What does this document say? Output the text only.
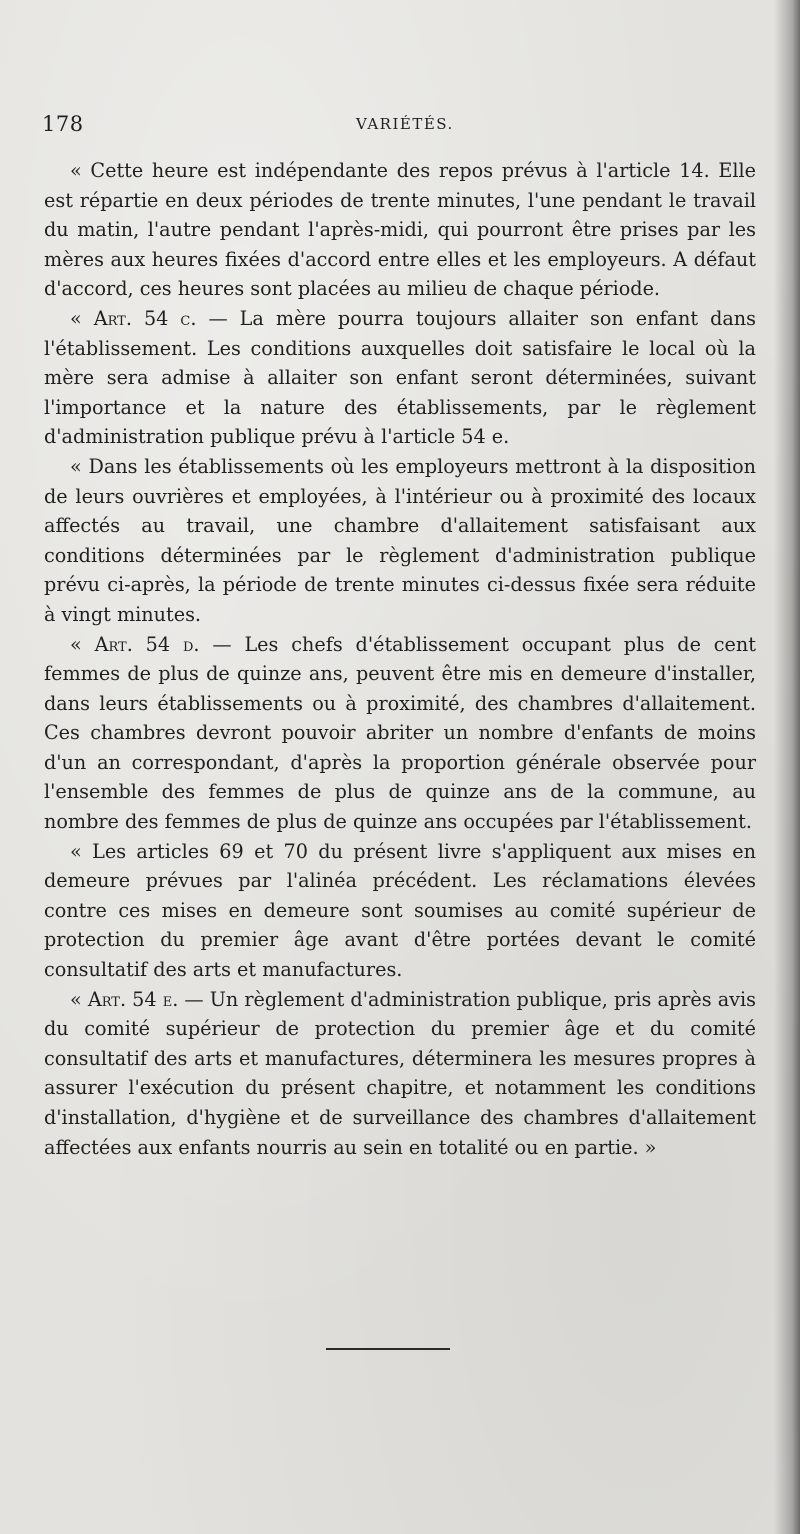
178	VARIÉTÉS.

« Cette heure est indépendante des repos prévus à l'article 14. Elle est répartie en deux périodes de trente minutes, l'une pendant le travail du matin, l'autre pendant l'après-midi, qui pourront être prises par les mères aux heures fixées d'accord entre elles et les employeurs. A défaut d'accord, ces heures sont placées au milieu de chaque période.

« Art. 54 c. — La mère pourra toujours allaiter son enfant dans l'établissement. Les conditions auxquelles doit satisfaire le local où la mère sera admise à allaiter son enfant seront déterminées, suivant l'importance et la nature des établissements, par le règlement d'administration publique prévu à l'article 54 e.

« Dans les établissements où les employeurs mettront à la disposition de leurs ouvrières et employées, à l'intérieur ou à proximité des locaux affectés au travail, une chambre d'allaitement satisfaisant aux conditions déterminées par le règlement d'administration publique prévu ci-après, la période de trente minutes ci-dessus fixée sera réduite à vingt minutes.

« Art. 54 d. — Les chefs d'établissement occupant plus de cent femmes de plus de quinze ans, peuvent être mis en demeure d'installer, dans leurs établissements ou à proximité, des chambres d'allaitement. Ces chambres devront pouvoir abriter un nombre d'enfants de moins d'un an correspondant, d'après la proportion générale observée pour l'ensemble des femmes de plus de quinze ans de la commune, au nombre des femmes de plus de quinze ans occupées par l'établissement.

« Les articles 69 et 70 du présent livre s'appliquent aux mises en demeure prévues par l'alinéa précédent. Les réclamations élevées contre ces mises en demeure sont soumises au comité supérieur de protection du premier âge avant d'être portées devant le comité consultatif des arts et manufactures.

« Art. 54 e. — Un règlement d'administration publique, pris après avis du comité supérieur de protection du premier âge et du comité consultatif des arts et manufactures, déterminera les mesures propres à assurer l'exécution du présent chapitre, et notamment les conditions d'installation, d'hygiène et de surveillance des chambres d'allaitement affectées aux enfants nourris au sein en totalité ou en partie. »
